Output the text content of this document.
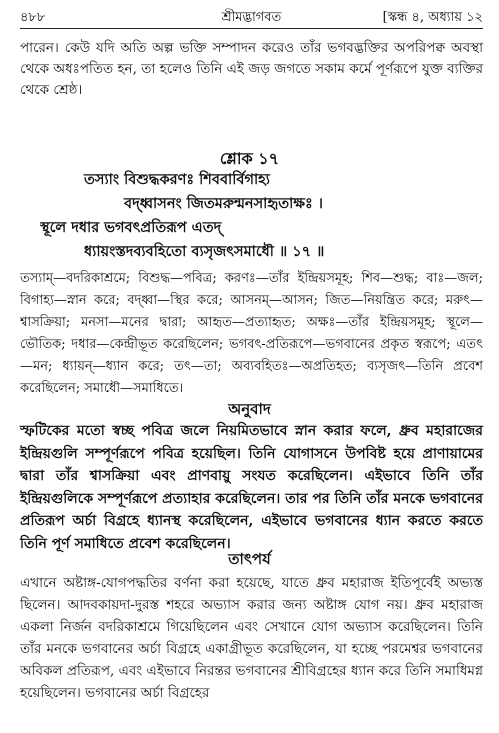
৪৮৮	শ্রীমদ্ভাগবত	[স্কন্ধ ৪, অধ্যায় ১২

পারেন। কেউ যদি অতি অল্প ভক্তি সম্পাদন করেও তাঁর ভগবদ্ভক্তির অপরিপক্ব অবস্থা থেকে অধঃপতিত হন, তা হলেও তিনি এই জড় জগতে সকাম কর্মে পূর্ণরূপে যুক্ত ব্যক্তির থেকে শ্রেষ্ঠ।

শ্লোক ১৭
তস্যাং বিশুদ্ধকরণঃ শিববার্বিগাহ্য
বদ্ধ্বাসনং জিতমরুন্মনসাহৃতাক্ষঃ ।
স্থূলে দধার ভগবৎপ্রতিরূপ এতদ্
ধ্যায়ংস্তদব্যবহিতো ব্যসৃজৎসমাধৌ ॥ ১৭ ॥

তস্যাম্—বদরিকাশ্রমে; বিশুদ্ধ—পবিত্র; করণঃ—তাঁর ইন্দ্রিয়সমূহ; শিব—শুদ্ধ; বাঃ—জল; বিগাহ্য—স্নান করে; বদ্ধ্বা—স্থির করে; আসনম্—আসন; জিত—নিয়ন্ত্রিত করে; মরুৎ—শ্বাসক্রিয়া; মনসা—মনের দ্বারা; আহৃত—প্রত্যাহৃত; অক্ষঃ—তাঁর ইন্দ্রিয়সমূহ; স্থূলে—ভৌতিক; দধার—কেন্দ্রীভূত করেছিলেন; ভগবৎ-প্রতিরূপে—ভগবানের প্রকৃত স্বরূপে; এতৎ—মন; ধ্যায়ন্—ধ্যান করে; তৎ—তা; অব্যবহিতঃ—অপ্রতিহত; ব্যসৃজৎ—তিনি প্রবেশ করেছিলেন; সমাধৌ—সমাধিতে।

অনুবাদ

স্ফটিকের মতো স্বচ্ছ পবিত্র জলে নিয়মিতভাবে স্নান করার ফলে, ধ্রুব মহারাজের ইন্দ্রিয়গুলি সম্পূর্ণরূপে পবিত্র হয়েছিল। তিনি যোগাসনে উপবিষ্ট হয়ে প্রাণায়ামের দ্বারা তাঁর শ্বাসক্রিয়া এবং প্রাণবায়ু সংযত করেছিলেন। এইভাবে তিনি তাঁর ইন্দ্রিয়গুলিকে সম্পূর্ণরূপে প্রত্যাহার করেছিলেন। তার পর তিনি তাঁর মনকে ভগবানের প্রতিরূপ অর্চা বিগ্রহে ধ্যানস্থ করেছিলেন, এইভাবে ভগবানের ধ্যান করতে করতে তিনি পূর্ণ সমাধিতে প্রবেশ করেছিলেন।

তাৎপর্য

এখানে অষ্টাঙ্গ-যোগপদ্ধতির বর্ণনা করা হয়েছে, যাতে ধ্রুব মহারাজ ইতিপূর্বেই অভ্যস্ত ছিলেন। আদবকায়দা-দুরস্ত শহরে অভ্যাস করার জন্য অষ্টাঙ্গ যোগ নয়। ধ্রুব মহারাজ একলা নির্জন বদরিকাশ্রমে গিয়েছিলেন এবং সেখানে যোগ অভ্যাস করেছিলেন। তিনি তাঁর মনকে ভগবানের অর্চা বিগ্রহে একাগ্রীভূত করেছিলেন, যা হচ্ছে পরমেশ্বর ভগবানের অবিকল প্রতিরূপ, এবং এইভাবে নিরন্তর ভগবানের শ্রীবিগ্রহের ধ্যান করে তিনি সমাধিমগ্ন হয়েছিলেন। ভগবানের অর্চা বিগ্রহের
